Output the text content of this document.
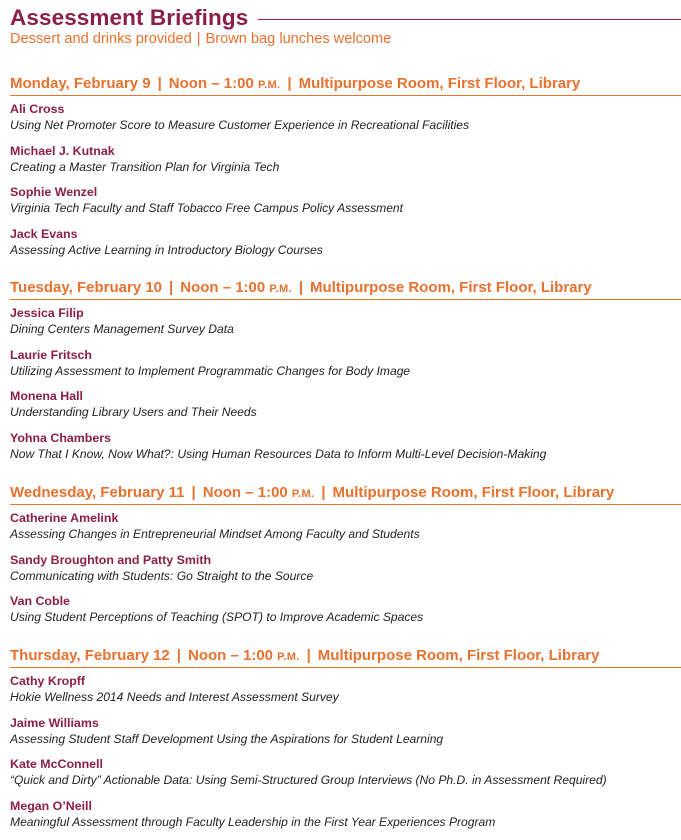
Assessment Briefings
Dessert and drinks provided | Brown bag lunches welcome
Monday, February 9 | Noon – 1:00 P.M. | Multipurpose Room, First Floor, Library
Ali Cross
Using Net Promoter Score to Measure Customer Experience in Recreational Facilities
Michael J. Kutnak
Creating a Master Transition Plan for Virginia Tech
Sophie Wenzel
Virginia Tech Faculty and Staff Tobacco Free Campus Policy Assessment
Jack Evans
Assessing Active Learning in Introductory Biology Courses
Tuesday, February 10 | Noon – 1:00 P.M. | Multipurpose Room, First Floor, Library
Jessica Filip
Dining Centers Management Survey Data
Laurie Fritsch
Utilizing Assessment to Implement Programmatic Changes for Body Image
Monena Hall
Understanding Library Users and Their Needs
Yohna Chambers
Now That I Know, Now What?: Using Human Resources Data to Inform Multi-Level Decision-Making
Wednesday, February 11 | Noon – 1:00 P.M. | Multipurpose Room, First Floor, Library
Catherine Amelink
Assessing Changes in Entrepreneurial Mindset Among Faculty and Students
Sandy Broughton and Patty Smith
Communicating with Students: Go Straight to the Source
Van Coble
Using Student Perceptions of Teaching (SPOT) to Improve Academic Spaces
Thursday, February 12 | Noon – 1:00 P.M. | Multipurpose Room, First Floor, Library
Cathy Kropff
Hokie Wellness 2014 Needs and Interest Assessment Survey
Jaime Williams
Assessing Student Staff Development Using the Aspirations for Student Learning
Kate McConnell
“Quick and Dirty” Actionable Data: Using Semi-Structured Group Interviews (No Ph.D. in Assessment Required)
Megan O’Neill
Meaningful Assessment through Faculty Leadership in the First Year Experiences Program
